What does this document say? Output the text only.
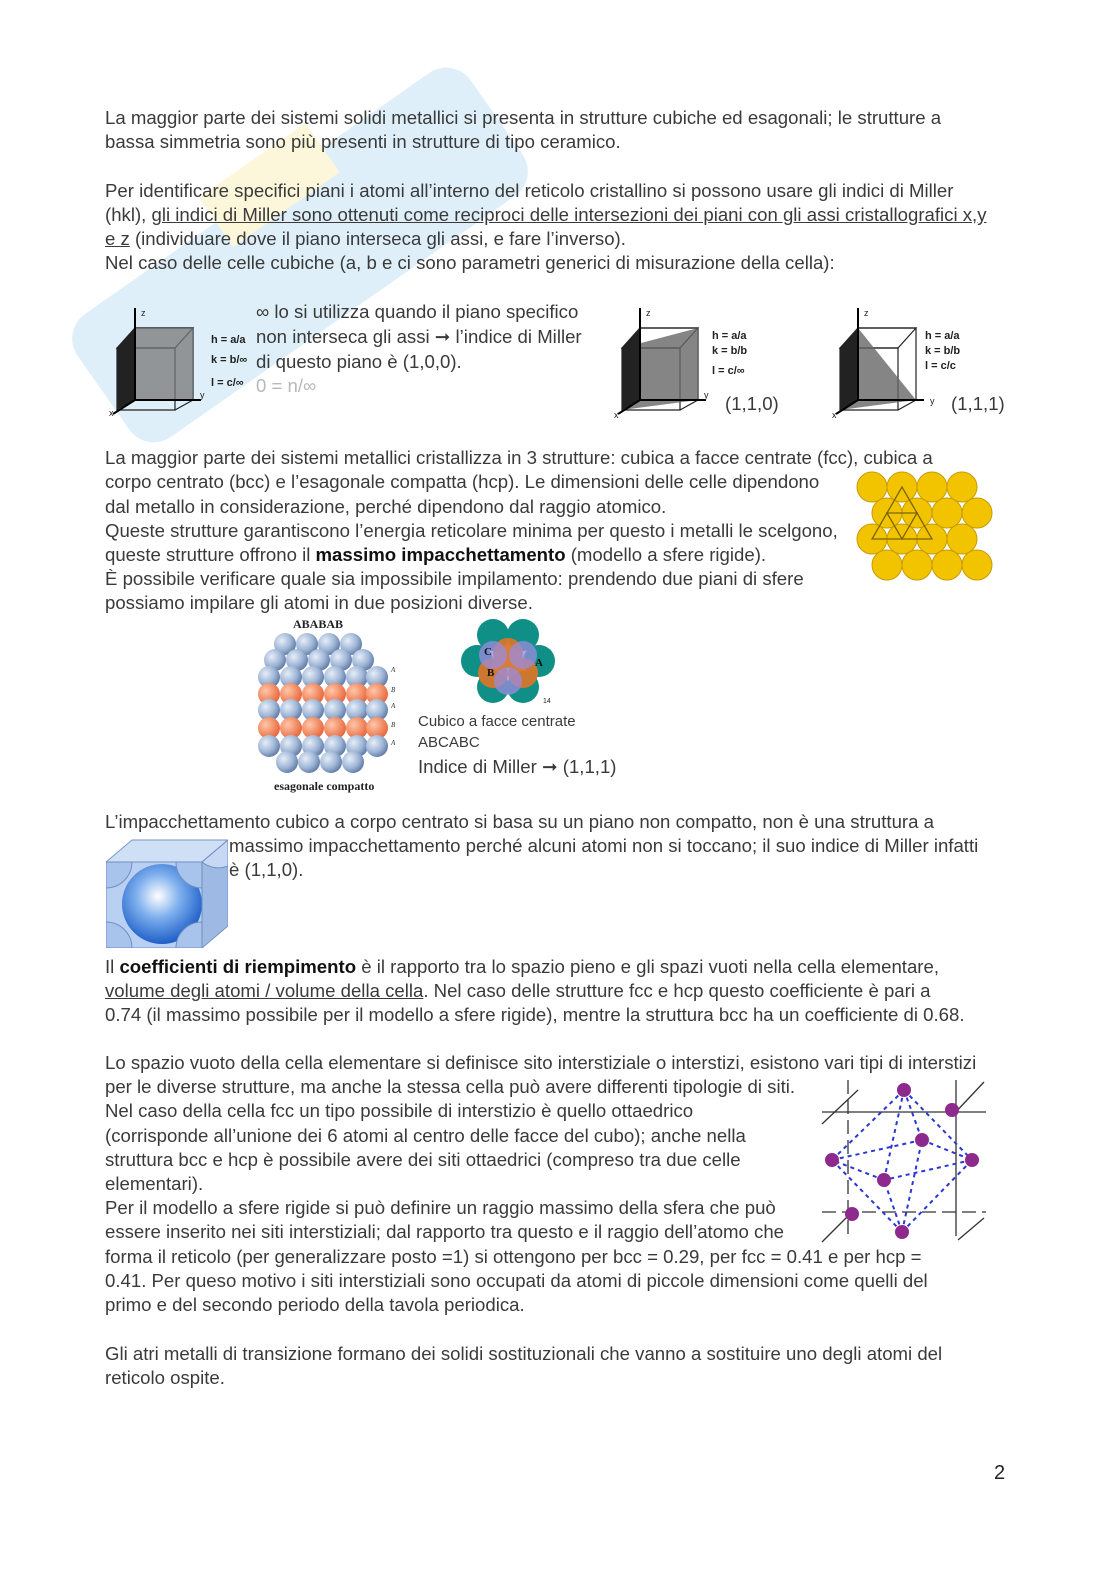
La maggior parte dei sistemi solidi metallici si presenta in strutture cubiche ed esagonali; le strutture a

bassa simmetria sono più presenti in strutture di tipo ceramico.

Per identificare specifici piani i atomi all’interno del reticolo cristallino si possono usare gli indici di Miller

(hkl), gli indici di Miller sono ottenuti come reciproci delle intersezioni dei piani con gli assi cristallografici x,y

e z (individuare dove il piano interseca gli assi, e fare l’inverso).

Nel caso delle celle cubiche (a, b e ci sono parametri generici di misurazione della cella):

z
x
y
h = a/a
k = b/∞
l = c/∞

∞ lo si utilizza quando il piano specifico

non interseca gli assi ➞ l’indice di Miller

di questo piano è (1,0,0).

0 = n/∞

z
x
y
h = a/a
k = b/b
l = c/∞

(1,1,0)

z
x
y
h = a/a
k = b/b
l = c/c

(1,1,1)

La maggior parte dei sistemi metallici cristallizza in 3 strutture: cubica a facce centrate (fcc), cubica a

corpo centrato (bcc) e l’esagonale compatta (hcp). Le dimensioni delle celle dipendono

dal metallo in considerazione, perché dipendono dal raggio atomico.

Queste strutture garantiscono l’energia reticolare minima per questo i metalli le scelgono,

queste strutture offrono il massimo impacchettamento (modello a sfere rigide).

È possibile verificare quale sia impossibile impilamento: prendendo due piani di sfere

possiamo impilare gli atomi in due posizioni diverse.

ABABAB
A
B
A
B
A
esagonale compatto
C
B
A
14

Cubico a facce centrate

ABCABC

Indice di Miller ➞ (1,1,1)

L’impacchettamento cubico a corpo centrato si basa su un piano non compatto, non è una struttura a

massimo impacchettamento perché alcuni atomi non si toccano; il suo indice di Miller infatti

è (1,1,0).

Il coefficienti di riempimento è il rapporto tra lo spazio pieno e gli spazi vuoti nella cella elementare,

volume degli atomi / volume della cella. Nel caso delle strutture fcc e hcp questo coefficiente è pari a

0.74 (il massimo possibile per il modello a sfere rigide), mentre la struttura bcc ha un coefficiente di 0.68.

Lo spazio vuoto della cella elementare si definisce sito interstiziale o interstizi, esistono vari tipi di interstizi

per le diverse strutture, ma anche la stessa cella può avere differenti tipologie di siti.

Nel caso della cella fcc un tipo possibile di interstizio è quello ottaedrico

(corrisponde all’unione dei 6 atomi al centro delle facce del cubo); anche nella

struttura bcc e hcp è possibile avere dei siti ottaedrici (compreso tra due celle

elementari).

Per il modello a sfere rigide si può definire un raggio massimo della sfera che può

essere inserito nei siti interstiziali; dal rapporto tra questo e il raggio dell’atomo che

forma il reticolo (per generalizzare posto =1) si ottengono per bcc = 0.29, per fcc = 0.41 e per hcp =

0.41. Per queso motivo i siti interstiziali sono occupati da atomi di piccole dimensioni come quelli del

primo e del secondo periodo della tavola periodica.

Gli atri metalli di transizione formano dei solidi sostituzionali che vanno a sostituire uno degli atomi del

reticolo ospite.

2
